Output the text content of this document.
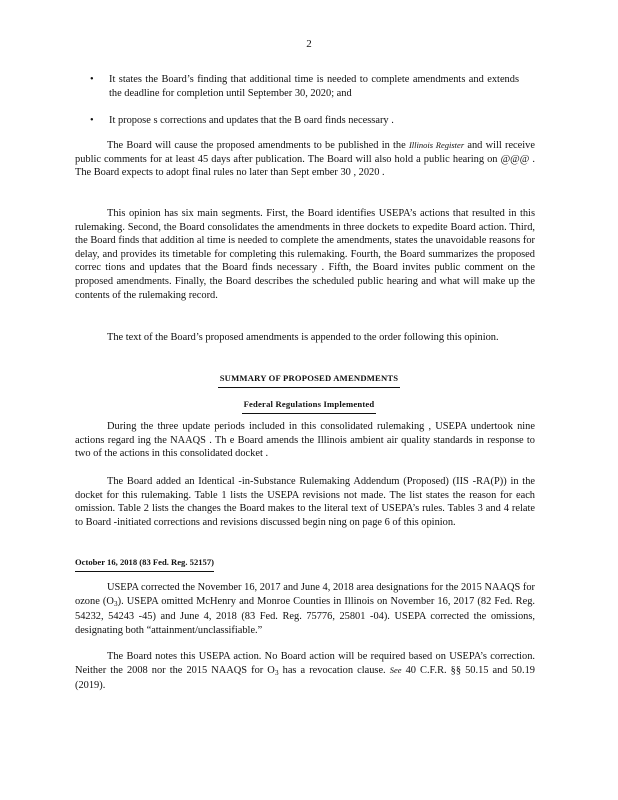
2
• It states the Board’s finding that additional time is needed to complete amendments and extends the deadline for completion until September 30, 2020; and
• It propose s corrections and updates that the B oard finds necessary .
The Board will cause the proposed amendments to be published in the Illinois Register and will receive public comments for at least 45 days after publication. The Board will also hold a public hearing on @@@ . The Board expects to adopt final rules no later than Sept ember 30 , 2020 .
This opinion has six main segments. First, the Board identifies USEPA’s actions that resulted in this rulemaking. Second, the Board consolidates the amendments in three dockets to expedite Board action. Third, the Board finds that addition al time is needed to complete the amendments, states the unavoidable reasons for delay, and provides its timetable for completing this rulemaking. Fourth, the Board summarizes the proposed correc tions and updates that the Board finds necessary . Fifth, the Board invites public comment on the proposed amendments. Finally, the Board describes the scheduled public hearing and what will make up the contents of the rulemaking record.
The text of the Board’s proposed amendments is appended to the order following this opinion.
SUMMARY OF PROPOSED AMENDMENTS
Federal Regulations Implemented
During the three update periods included in this consolidated rulemaking , USEPA undertook nine actions regard ing the NAAQS . Th e Board amends the Illinois ambient air quality standards in response to two of the actions in this consolidated docket .
The Board added an Identical -in-Substance Rulemaking Addendum (Proposed) (IIS -RA(P)) in the docket for this rulemaking. Table 1 lists the USEPA revisions not made. The list states the reason for each omission. Table 2 lists the changes the Board makes to the literal text of USEPA’s rules. Tables 3 and 4 relate to Board -initiated corrections and revisions discussed begin ning on page 6 of this opinion.
October 16, 2018 (83 Fed. Reg. 52157)
USEPA corrected the November 16, 2017 and June 4, 2018 area designations for the 2015 NAAQS for ozone $(O_3)$. USEPA omitted McHenry and Monroe Counties in Illinois on November 16, 2017 (82 Fed. Reg. 54232, 54243 -45) and June 4, 2018 (83 Fed. Reg. 75776, 25801 -04). USEPA corrected the omissions, designating both “attainment/unclassifiable.”
The Board notes this USEPA action. No Board action will be required based on USEPA’s correction. Neither the 2008 nor the 2015 NAAQS for $O_3$ has a revocation clause. See 40 C.F.R. §§ 50.15 and 50.19 (2019).
